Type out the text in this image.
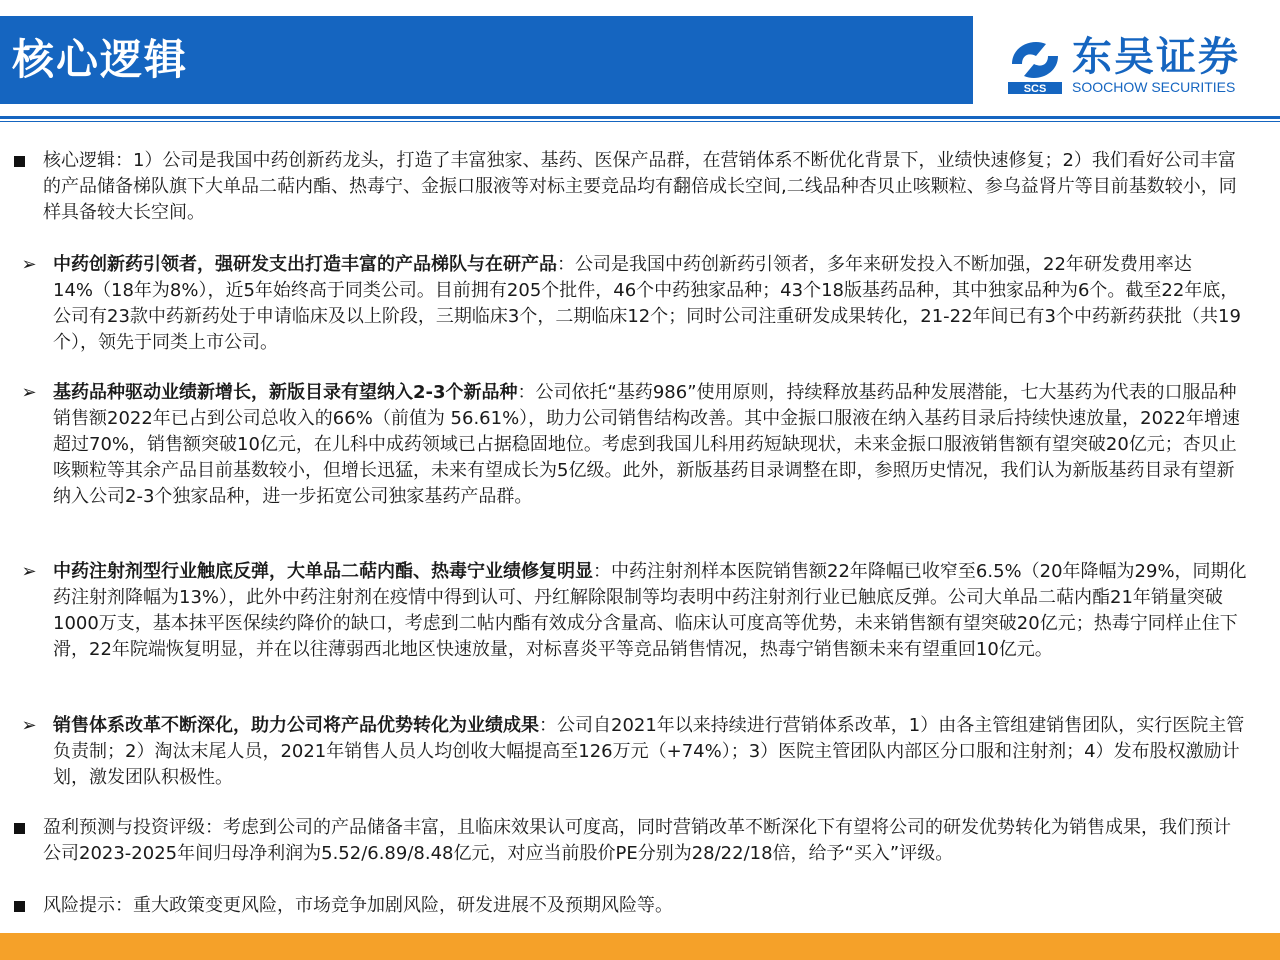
核心逻辑
SCS
东吴证券
SOOCHOW SECURITIES
核心逻辑：1）公司是我国中药创新药龙头，打造了丰富独家、基药、医保产品群，在营销体系不断优化背景下，业绩快速修复；2）我们看好公司丰富的产品储备梯队旗下大单品二萜内酯、热毒宁、金振口服液等对标主要竞品均有翻倍成长空间,二线品种杏贝止咳颗粒、参乌益肾片等目前基数较小，同样具备较大长空间。
➢ 中药创新药引领者，强研发支出打造丰富的产品梯队与在研产品：公司是我国中药创新药引领者，多年来研发投入不断加强，22年研发费用率达14%（18年为8%），近5年始终高于同类公司。目前拥有205个批件，46个中药独家品种；43个18版基药品种，其中独家品种为6个。截至22年底，公司有23款中药新药处于申请临床及以上阶段，三期临床3个，二期临床12个；同时公司注重研发成果转化，21-22年间已有3个中药新药获批（共19个），领先于同类上市公司。
➢ 基药品种驱动业绩新增长，新版目录有望纳入2-3个新品种：公司依托“基药986”使用原则，持续释放基药品种发展潜能，七大基药为代表的口服品种销售额2022年已占到公司总收入的66%（前值为 56.61%），助力公司销售结构改善。其中金振口服液在纳入基药目录后持续快速放量，2022年增速超过70%，销售额突破10亿元，在儿科中成药领域已占据稳固地位。考虑到我国儿科用药短缺现状，未来金振口服液销售额有望突破20亿元；杏贝止咳颗粒等其余产品目前基数较小，但增长迅猛，未来有望成长为5亿级。此外，新版基药目录调整在即，参照历史情况，我们认为新版基药目录有望新纳入公司2-3个独家品种，进一步拓宽公司独家基药产品群。
➢ 中药注射剂型行业触底反弹，大单品二萜内酯、热毒宁业绩修复明显：中药注射剂样本医院销售额22年降幅已收窄至6.5%（20年降幅为29%，同期化药注射剂降幅为13%），此外中药注射剂在疫情中得到认可、丹红解除限制等均表明中药注射剂行业已触底反弹。公司大单品二萜内酯21年销量突破1000万支，基本抹平医保续约降价的缺口，考虑到二帖内酯有效成分含量高、临床认可度高等优势，未来销售额有望突破20亿元；热毒宁同样止住下滑，22年院端恢复明显，并在以往薄弱西北地区快速放量，对标喜炎平等竞品销售情况，热毒宁销售额未来有望重回10亿元。
➢ 销售体系改革不断深化，助力公司将产品优势转化为业绩成果：公司自2021年以来持续进行营销体系改革，1）由各主管组建销售团队，实行医院主管负责制；2）淘汰末尾人员，2021年销售人员人均创收大幅提高至126万元（+74%）；3）医院主管团队内部区分口服和注射剂；4）发布股权激励计划，激发团队积极性。
盈利预测与投资评级：考虑到公司的产品储备丰富，且临床效果认可度高，同时营销改革不断深化下有望将公司的研发优势转化为销售成果，我们预计公司2023-2025年间归母净利润为5.52/6.89/8.48亿元，对应当前股价PE分别为28/22/18倍，给予“买入”评级。
风险提示：重大政策变更风险，市场竞争加剧风险，研发进展不及预期风险等。
